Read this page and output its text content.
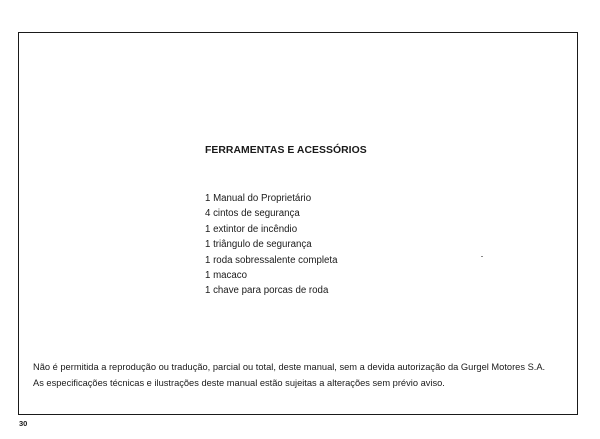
FERRAMENTAS E ACESSÓRIOS
1 Manual do Proprietário
4 cintos de segurança
1 extintor de incêndio
1 triângulo de segurança
1 roda sobressalente completa
1 macaco
1 chave para porcas de roda
Não é permitida a reprodução ou tradução, parcial ou total, deste manual, sem a devida autorização da Gurgel Motores S.A.
As especificações técnicas e ilustrações deste manual estão sujeitas a alterações sem prévio aviso.
30
